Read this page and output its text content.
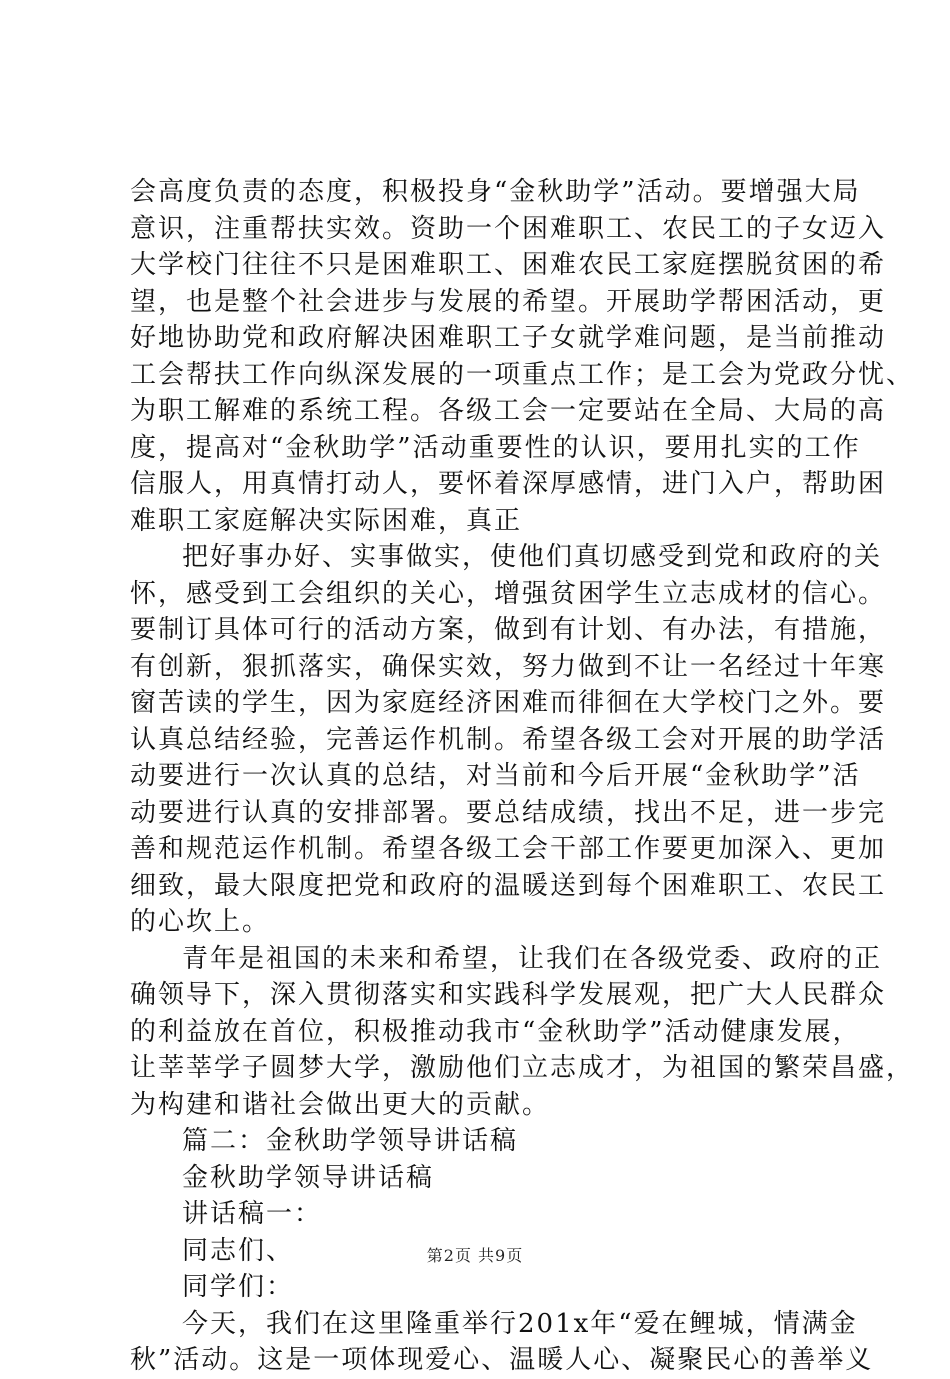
会高度负责的态度，积极投身“金秋助学”活动。要增强大局
意识，注重帮扶实效。资助一个困难职工、农民工的子女迈入
大学校门往往不只是困难职工、困难农民工家庭摆脱贫困的希
望，也是整个社会进步与发展的希望。开展助学帮困活动，更
好地协助党和政府解决困难职工子女就学难问题，是当前推动
工会帮扶工作向纵深发展的一项重点工作；是工会为党政分忧、
为职工解难的系统工程。各级工会一定要站在全局、大局的高
度，提高对“金秋助学”活动重要性的认识，要用扎实的工作
信服人，用真情打动人，要怀着深厚感情，进门入户，帮助困
难职工家庭解决实际困难，真正
把好事办好、实事做实，使他们真切感受到党和政府的关
怀，感受到工会组织的关心，增强贫困学生立志成材的信心。
要制订具体可行的活动方案，做到有计划、有办法，有措施，
有创新，狠抓落实，确保实效，努力做到不让一名经过十年寒
窗苦读的学生，因为家庭经济困难而徘徊在大学校门之外。要
认真总结经验，完善运作机制。希望各级工会对开展的助学活
动要进行一次认真的总结，对当前和今后开展“金秋助学”活
动要进行认真的安排部署。要总结成绩，找出不足，进一步完
善和规范运作机制。希望各级工会干部工作要更加深入、更加
细致，最大限度把党和政府的温暖送到每个困难职工、农民工
的心坎上。
青年是祖国的未来和希望，让我们在各级党委、政府的正
确领导下，深入贯彻落实和实践科学发展观，把广大人民群众
的利益放在首位，积极推动我市“金秋助学”活动健康发展，
让莘莘学子圆梦大学，激励他们立志成才，为祖国的繁荣昌盛，
为构建和谐社会做出更大的贡献。
篇二：金秋助学领导讲话稿
金秋助学领导讲话稿
讲话稿一：
同志们、
同学们：
今天，我们在这里隆重举行201x年“爱在鲤城，情满金
秋”活动。这是一项体现爱心、温暖人心、凝聚民心的善举义
第2页 共9页
